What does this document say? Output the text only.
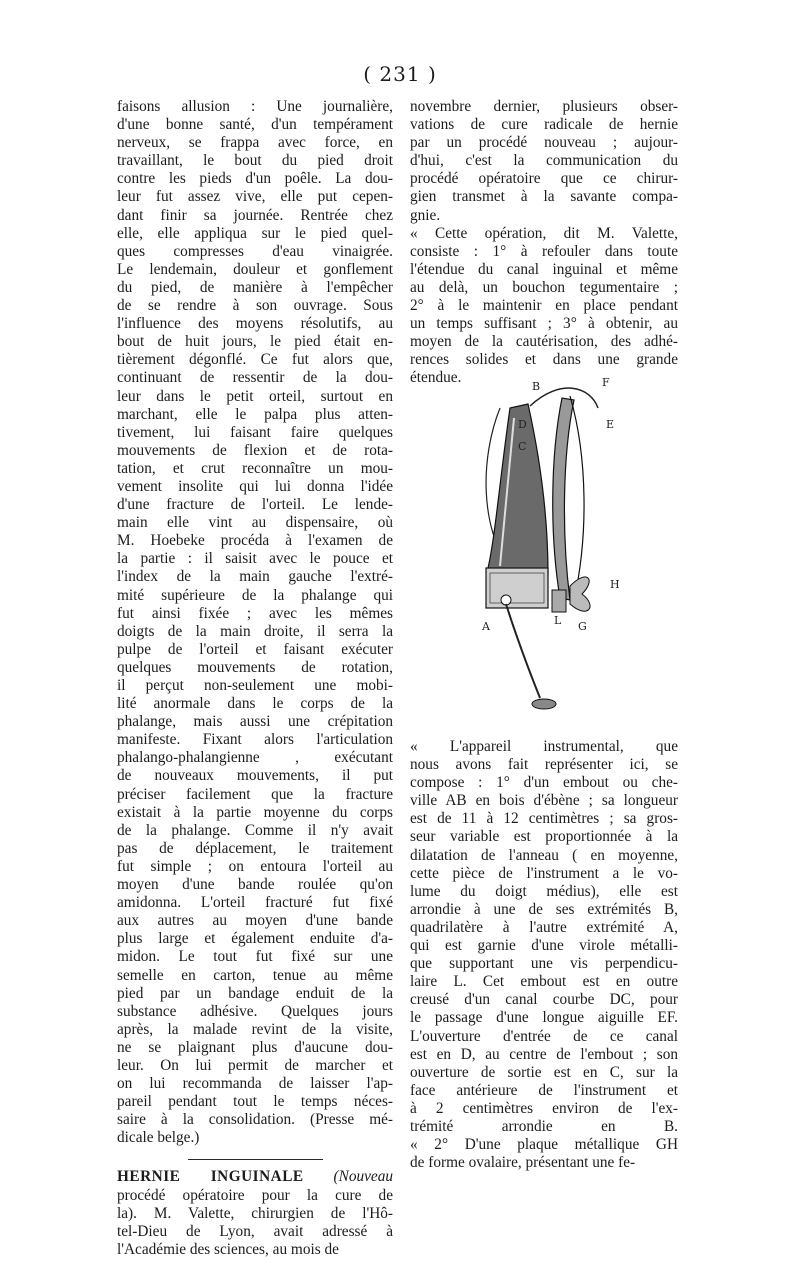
( 231 )
faisons allusion : Une journalière,
d'une bonne santé, d'un tempérament
nerveux, se frappa avec force, en
travaillant, le bout du pied droit
contre les pieds d'un poêle. La dou-
leur fut assez vive, elle put cepen-
dant finir sa journée. Rentrée chez
elle, elle appliqua sur le pied quel-
ques compresses d'eau vinaigrée.
Le lendemain, douleur et gonflement
du pied, de manière à l'empêcher
de se rendre à son ouvrage. Sous
l'influence des moyens résolutifs, au
bout de huit jours, le pied était en-
tièrement dégonflé. Ce fut alors que,
continuant de ressentir de la dou-
leur dans le petit orteil, surtout en
marchant, elle le palpa plus atten-
tivement, lui faisant faire quelques
mouvements de flexion et de rota-
tation, et crut reconnaître un mou-
vement insolite qui lui donna l'idée
d'une fracture de l'orteil. Le lende-
main elle vint au dispensaire, où
M. Hoebeke procéda à l'examen de
la partie : il saisit avec le pouce et
l'index de la main gauche l'extré-
mité supérieure de la phalange qui
fut ainsi fixée ; avec les mêmes
doigts de la main droite, il serra la
pulpe de l'orteil et faisant exécuter
quelques mouvements de rotation,
il perçut non-seulement une mobi-
lité anormale dans le corps de la
phalange, mais aussi une crépitation
manifeste. Fixant alors l'articulation
phalango-phalangienne , exécutant
de nouveaux mouvements, il put
préciser facilement que la fracture
existait à la partie moyenne du corps
de la phalange. Comme il n'y avait
pas de déplacement, le traitement
fut simple ; on entoura l'orteil au
moyen d'une bande roulée qu'on
amidonna. L'orteil fracturé fut fixé
aux autres au moyen d'une bande
plus large et également enduite d'a-
midon. Le tout fut fixé sur une
semelle en carton, tenue au même
pied par un bandage enduit de la
substance adhésive. Quelques jours
après, la malade revint de la visite,
ne se plaignant plus d'aucune dou-
leur. On lui permit de marcher et
on lui recommanda de laisser l'ap-
pareil pendant tout le temps néces-
saire à la consolidation. (Presse mé-
dicale belge.)
HERNIE INGUINALE (Nouveau
procédé opératoire pour la cure de
la). M. Valette, chirurgien de l'Hô-
tel-Dieu de Lyon, avait adressé à
l'Académie des sciences, au mois de
novembre dernier, plusieurs obser-
vations de cure radicale de hernie
par un procédé nouveau ; aujour-
d'hui, c'est la communication du
procédé opératoire que ce chirur-
gien transmet à la savante compa-
gnie.
« Cette opération, dit M. Valette,
consiste : 1° à refouler dans toute
l'étendue du canal inguinal et même
au delà, un bouchon tegumentaire ;
2° à le maintenir en place pendant
un temps suffisant ; 3° à obtenir, au
moyen de la cautérisation, des adhé-
rences solides et dans une grande
étendue.
B	F
E
D
C
A	L G
H
« L'appareil instrumental, que
nous avons fait représenter ici, se
compose : 1° d'un embout ou che-
ville AB en bois d'ébène ; sa longueur
est de 11 à 12 centimètres ; sa gros-
seur variable est proportionnée à la
dilatation de l'anneau ( en moyenne,
cette pièce de l'instrument a le vo-
lume du doigt médius), elle est
arrondie à une de ses extrémités B,
quadrilatère à l'autre extrémité A,
qui est garnie d'une virole métalli-
que supportant une vis perpendicu-
laire L. Cet embout est en outre
creusé d'un canal courbe DC, pour
le passage d'une longue aiguille EF.
L'ouverture d'entrée de ce canal
est en D, au centre de l'embout ; son
ouverture de sortie est en C, sur la
face antérieure de l'instrument et
à 2 centimètres environ de l'ex-
trémité arrondie en B.
« 2° D'une plaque métallique GH
de forme ovalaire, présentant une fe-
